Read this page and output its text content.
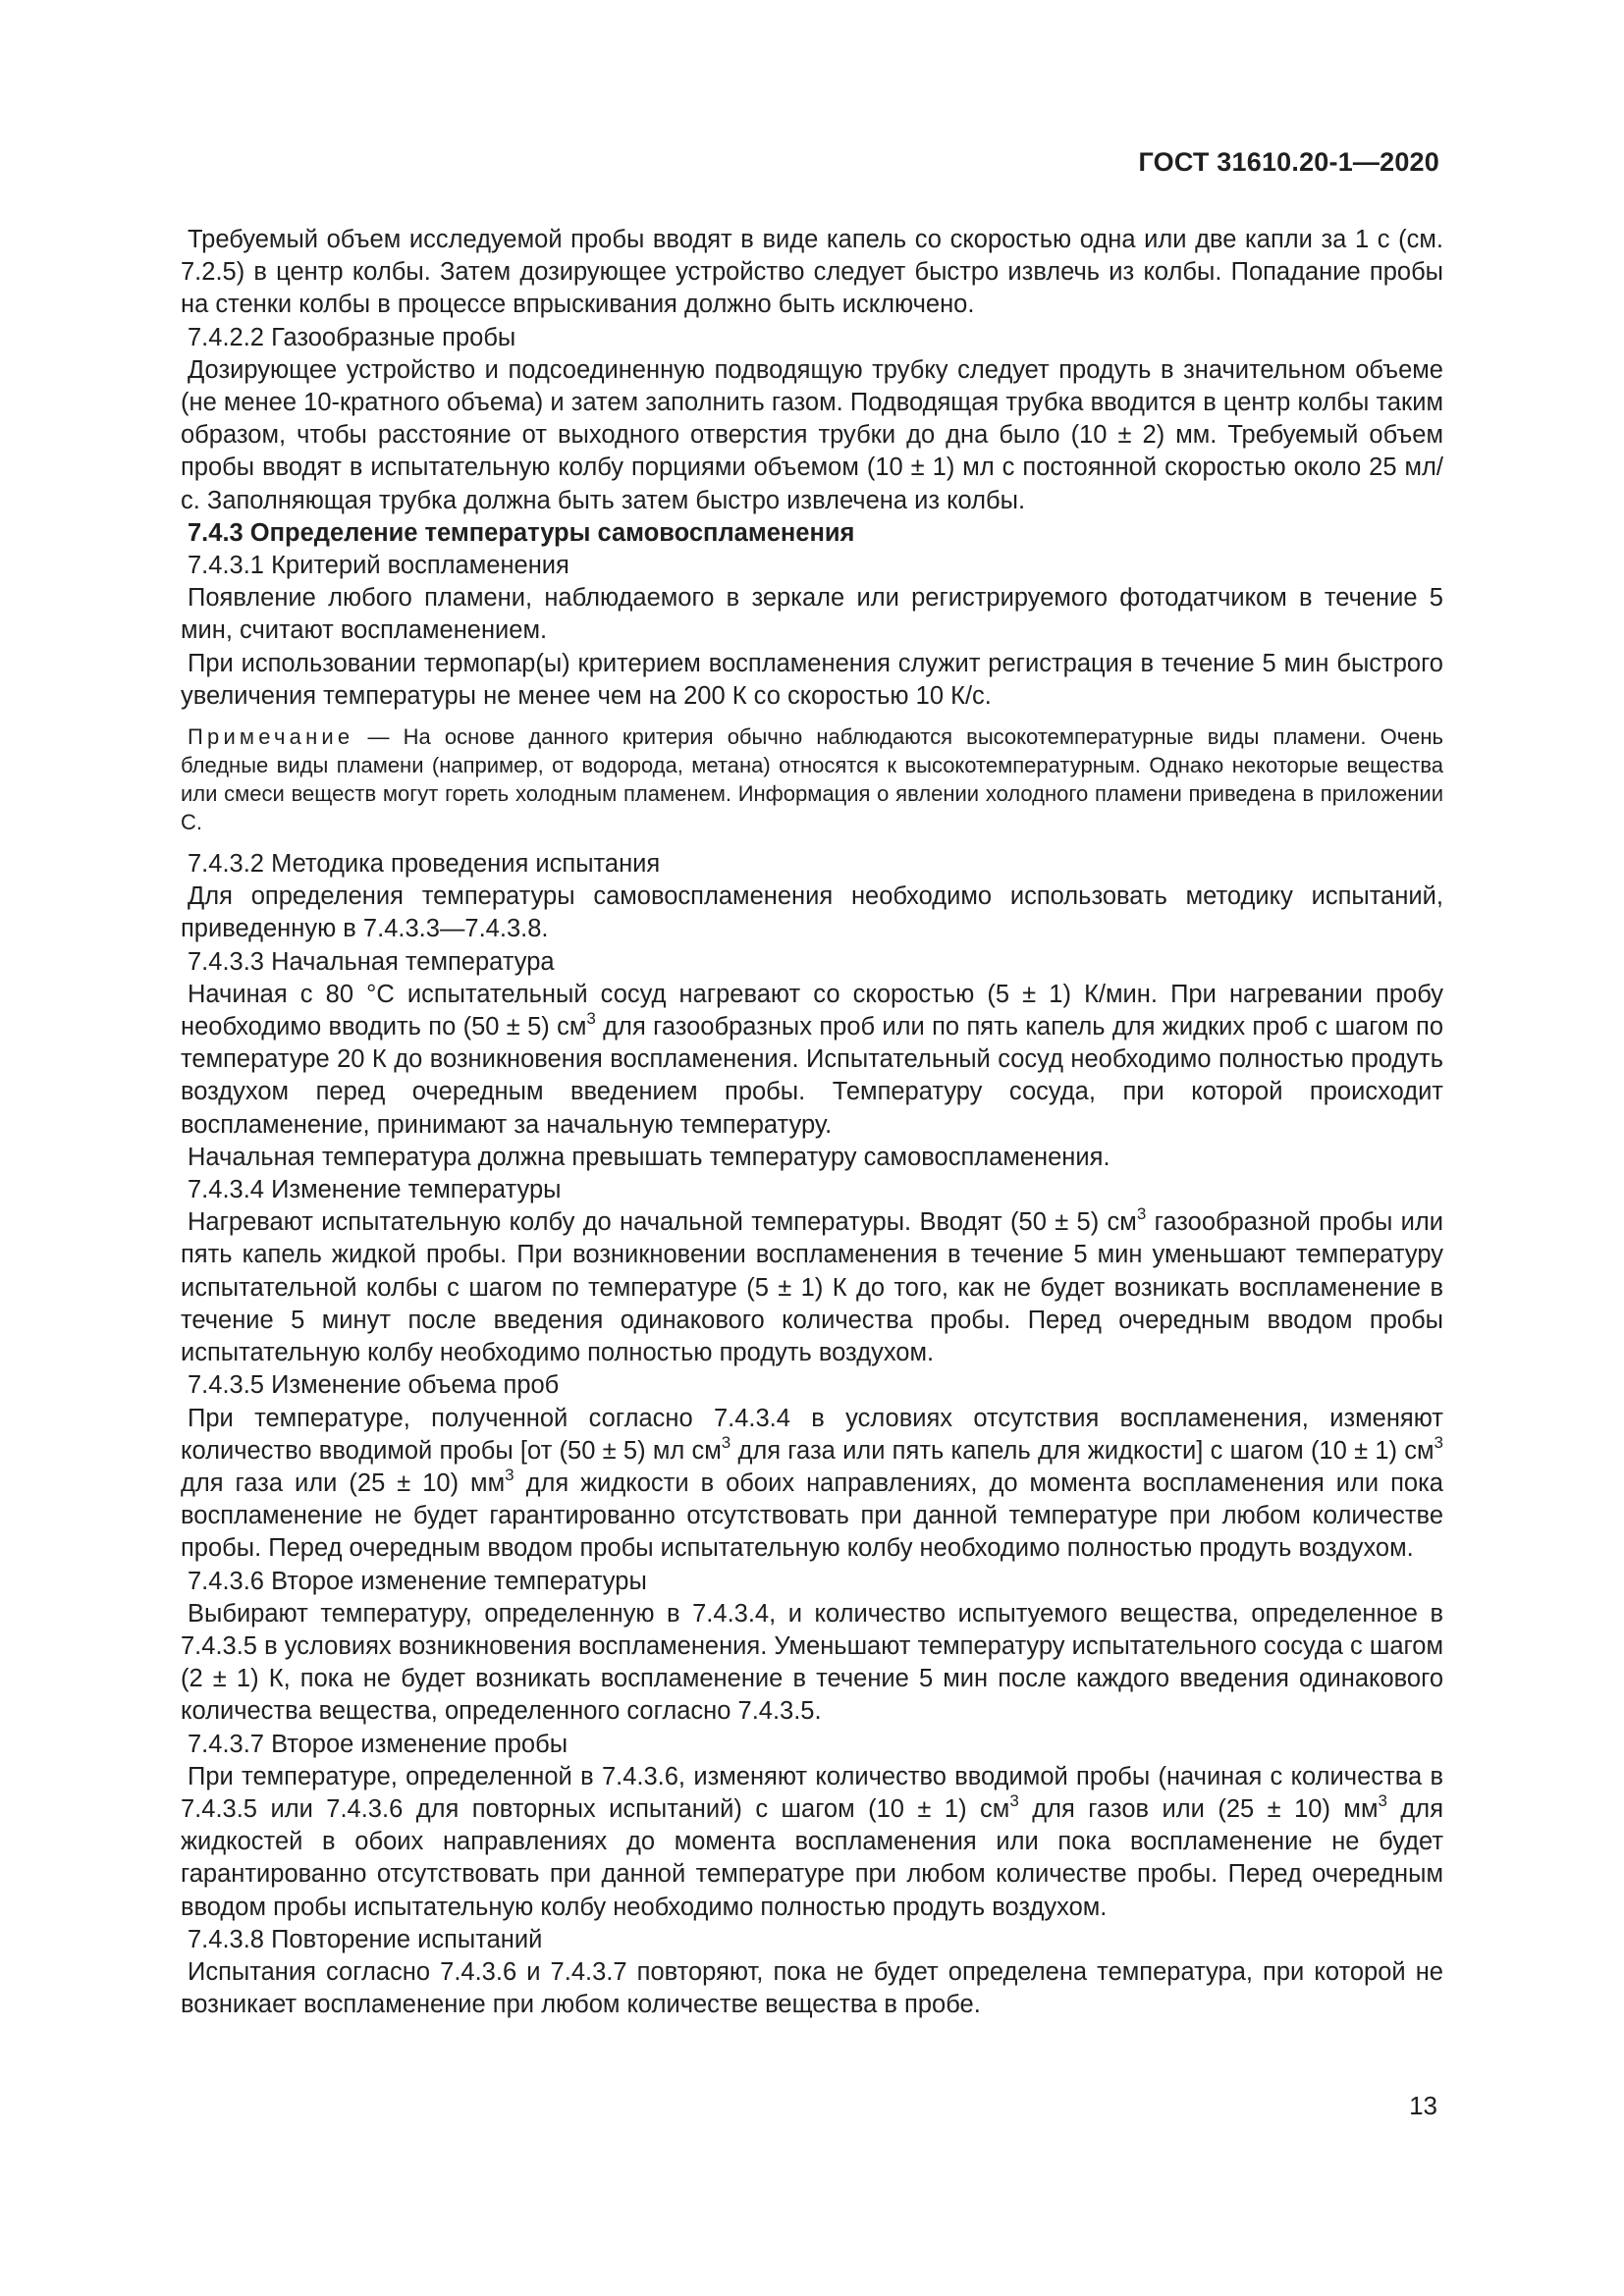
ГОСТ 31610.20-1—2020

Требуемый объем исследуемой пробы вводят в виде капель со скоростью одна или две капли за 1 с (см. 7.2.5) в центр колбы. Затем дозирующее устройство следует быстро извлечь из колбы. Попадание пробы на стенки колбы в процессе впрыскивания должно быть исключено.

7.4.2.2 Газообразные пробы

Дозирующее устройство и подсоединенную подводящую трубку следует продуть в значительном объеме (не менее 10-кратного объема) и затем заполнить газом. Подводящая трубка вводится в центр колбы таким образом, чтобы расстояние от выходного отверстия трубки до дна было (10 ± 2) мм. Требуемый объем пробы вводят в испытательную колбу порциями объемом (10 ± 1) мл с постоянной скоростью около 25 мл/с. Заполняющая трубка должна быть затем быстро извлечена из колбы.

7.4.3 Определение температуры самовоспламенения

7.4.3.1 Критерий воспламенения

Появление любого пламени, наблюдаемого в зеркале или регистрируемого фотодатчиком в течение 5 мин, считают воспламенением.

При использовании термопар(ы) критерием воспламенения служит регистрация в течение 5 мин быстрого увеличения температуры не менее чем на 200 К со скоростью 10 К/с.

Примечание — На основе данного критерия обычно наблюдаются высокотемпературные виды пламени. Очень бледные виды пламени (например, от водорода, метана) относятся к высокотемпературным. Однако некоторые вещества или смеси веществ могут гореть холодным пламенем. Информация о явлении холодного пламени приведена в приложении С.

7.4.3.2 Методика проведения испытания

Для определения температуры самовоспламенения необходимо использовать методику испытаний, приведенную в 7.4.3.3—7.4.3.8.

7.4.3.3 Начальная температура

Начиная с 80 °С испытательный сосуд нагревают со скоростью (5 ± 1) К/мин. При нагревании пробу необходимо вводить по (50 ± 5) $см^3$ для газообразных проб или по пять капель для жидких проб с шагом по температуре 20 К до возникновения воспламенения. Испытательный сосуд необходимо полностью продуть воздухом перед очередным введением пробы. Температуру сосуда, при которой происходит воспламенение, принимают за начальную температуру.

Начальная температура должна превышать температуру самовоспламенения.

7.4.3.4 Изменение температуры

Нагревают испытательную колбу до начальной температуры. Вводят (50 ± 5) $см^3$ газообразной пробы или пять капель жидкой пробы. При возникновении воспламенения в течение 5 мин уменьшают температуру испытательной колбы с шагом по температуре (5 ± 1) К до того, как не будет возникать воспламенение в течение 5 минут после введения одинакового количества пробы. Перед очередным вводом пробы испытательную колбу необходимо полностью продуть воздухом.

7.4.3.5 Изменение объема проб

При температуре, полученной согласно 7.4.3.4 в условиях отсутствия воспламенения, изменяют количество вводимой пробы [от (50 ± 5) мл $см^3$ для газа или пять капель для жидкости] с шагом (10 ± 1) $см^3$ для газа или (25 ± 10) $мм^3$ для жидкости в обоих направлениях, до момента воспламенения или пока воспламенение не будет гарантированно отсутствовать при данной температуре при любом количестве пробы. Перед очередным вводом пробы испытательную колбу необходимо полностью продуть воздухом.

7.4.3.6 Второе изменение температуры

Выбирают температуру, определенную в 7.4.3.4, и количество испытуемого вещества, определенное в 7.4.3.5 в условиях возникновения воспламенения. Уменьшают температуру испытательного сосуда с шагом (2 ± 1) К, пока не будет возникать воспламенение в течение 5 мин после каждого введения одинакового количества вещества, определенного согласно 7.4.3.5.

7.4.3.7 Второе изменение пробы

При температуре, определенной в 7.4.3.6, изменяют количество вводимой пробы (начиная с количества в 7.4.3.5 или 7.4.3.6 для повторных испытаний) с шагом (10 ± 1) $см^3$ для газов или (25 ± 10) $мм^3$ для жидкостей в обоих направлениях до момента воспламенения или пока воспламенение не будет гарантированно отсутствовать при данной температуре при любом количестве пробы. Перед очередным вводом пробы испытательную колбу необходимо полностью продуть воздухом.

7.4.3.8 Повторение испытаний

Испытания согласно 7.4.3.6 и 7.4.3.7 повторяют, пока не будет определена температура, при которой не возникает воспламенение при любом количестве вещества в пробе.

13
